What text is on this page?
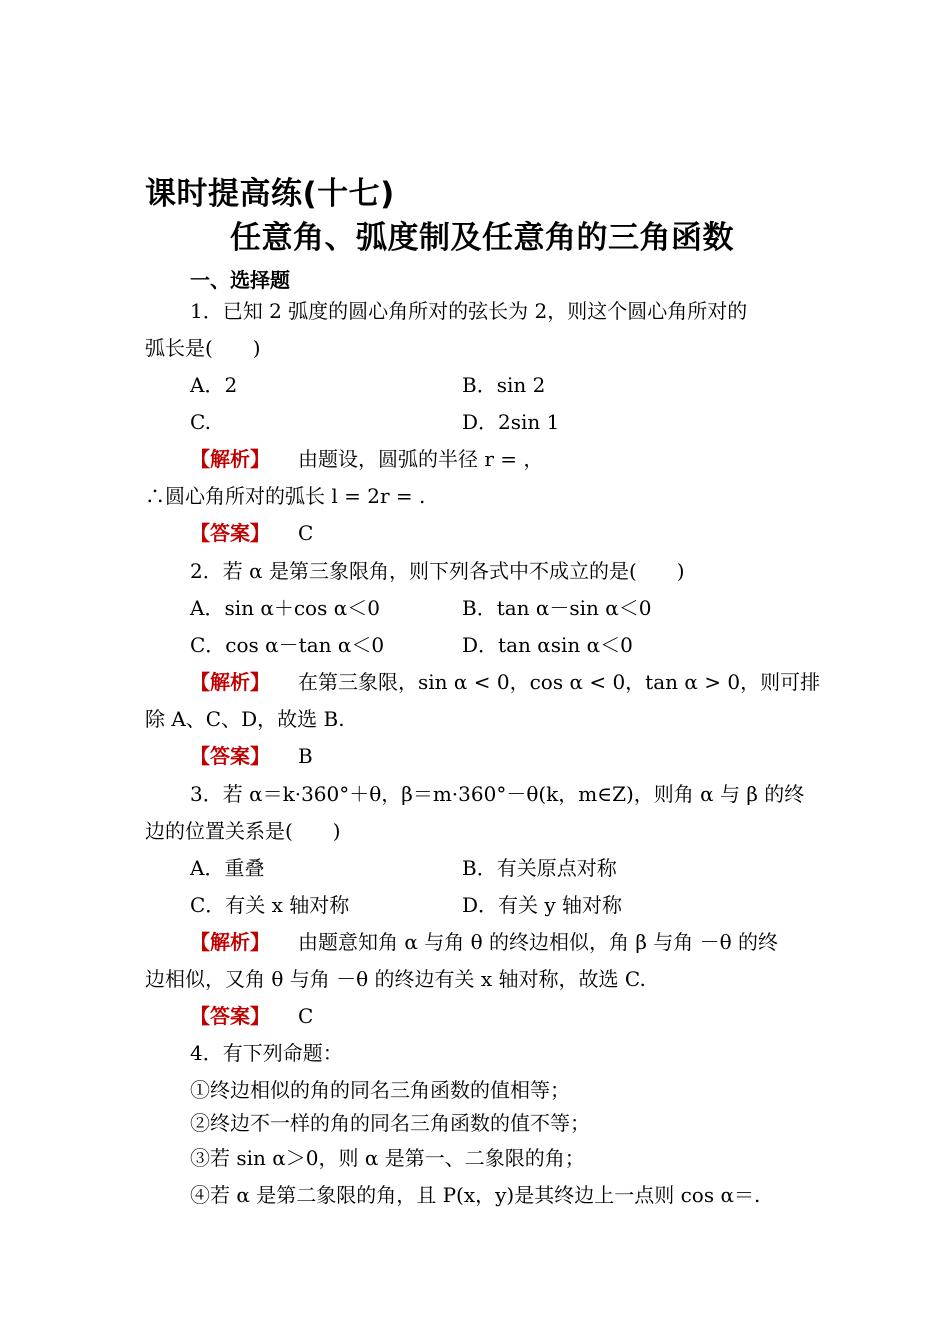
课时提高练(十七)
任意角、弧度制及任意角的三角函数
一、选择题
1．已知 2 弧度的圆心角所对的弦长为 2，则这个圆心角所对的
弧长是(　　)
A．2	B．sin 2
C.	D．2sin 1
【解析】 由题设，圆弧的半径 r = ，
∴圆心角所对的弧长 l = 2r = .
【答案】 C
2．若 α 是第三象限角，则下列各式中不成立的是(　　)
A．sin α＋cos α＜0	B．tan α－sin α＜0
C．cos α－tan α＜0	D．tan αsin α＜0
【解析】 在第三象限，sin α < 0，cos α < 0，tan α > 0，则可排
除 A、C、D，故选 B.
【答案】 B
3．若 α＝k·360°＋θ，β＝m·360°－θ(k，m∈Z)，则角 α 与 β 的终
边的位置关系是(　　)
A．重叠	B．有关原点对称
C．有关 x 轴对称	D．有关 y 轴对称
【解析】 由题意知角 α 与角 θ 的终边相似，角 β 与角 －θ 的终
边相似，又角 θ 与角 －θ 的终边有关 x 轴对称，故选 C.
【答案】 C
4．有下列命题：
①终边相似的角的同名三角函数的值相等；
②终边不一样的角的同名三角函数的值不等；
③若 sin α＞0，则 α 是第一、二象限的角；
④若 α 是第二象限的角，且 P(x，y)是其终边上一点则 cos α＝.
